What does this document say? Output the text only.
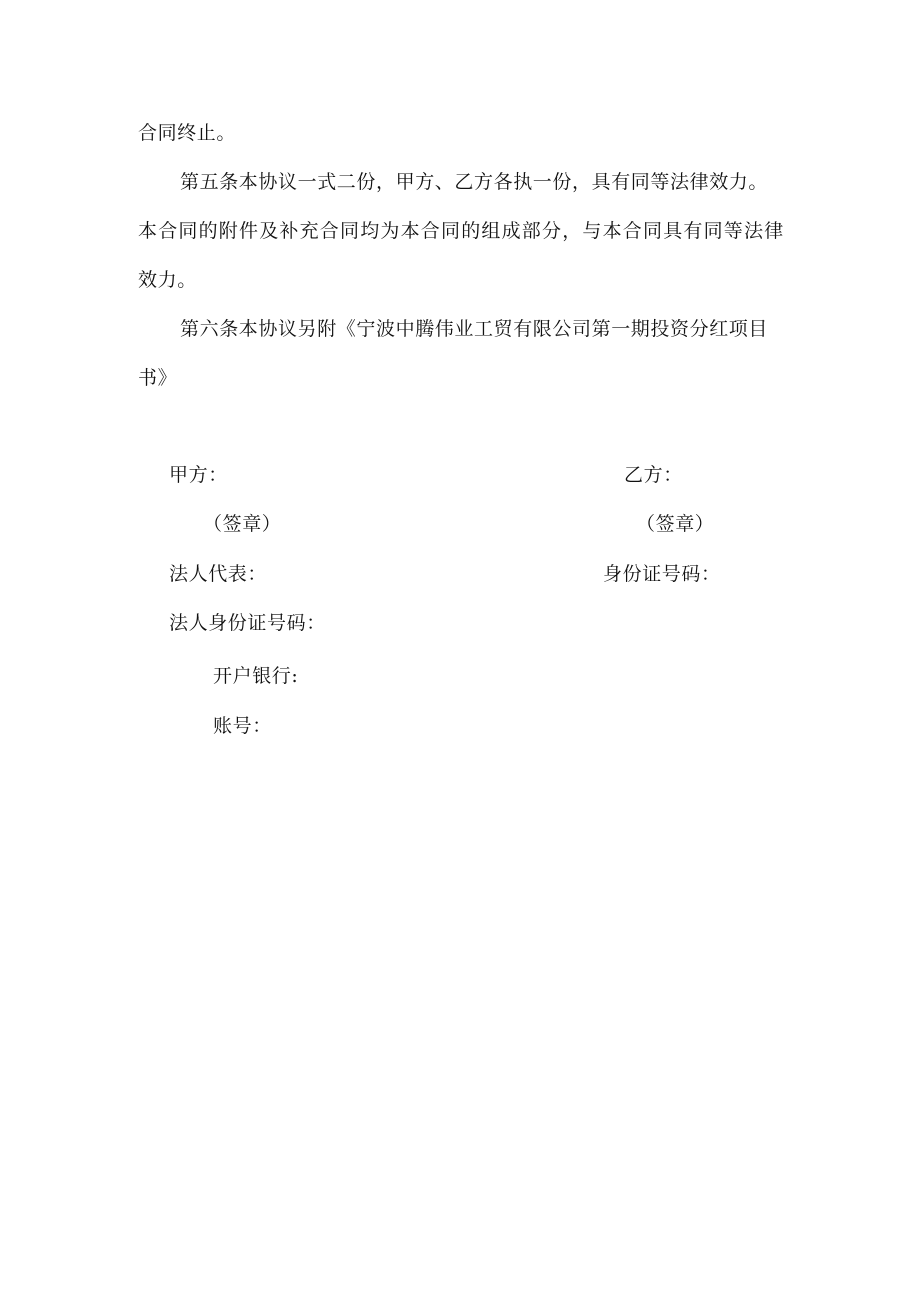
合同终止。
第五条本协议一式二份，甲方、乙方各执一份，具有同等法律效力。
本合同的附件及补充合同均为本合同的组成部分，与本合同具有同等法律
效力。
第六条本协议另附《宁波中腾伟业工贸有限公司第一期投资分红项目
书》
甲方：	乙方：
（签章）	（签章）
法人代表：	身份证号码：
法人身份证号码：
开户银行:
账号：
